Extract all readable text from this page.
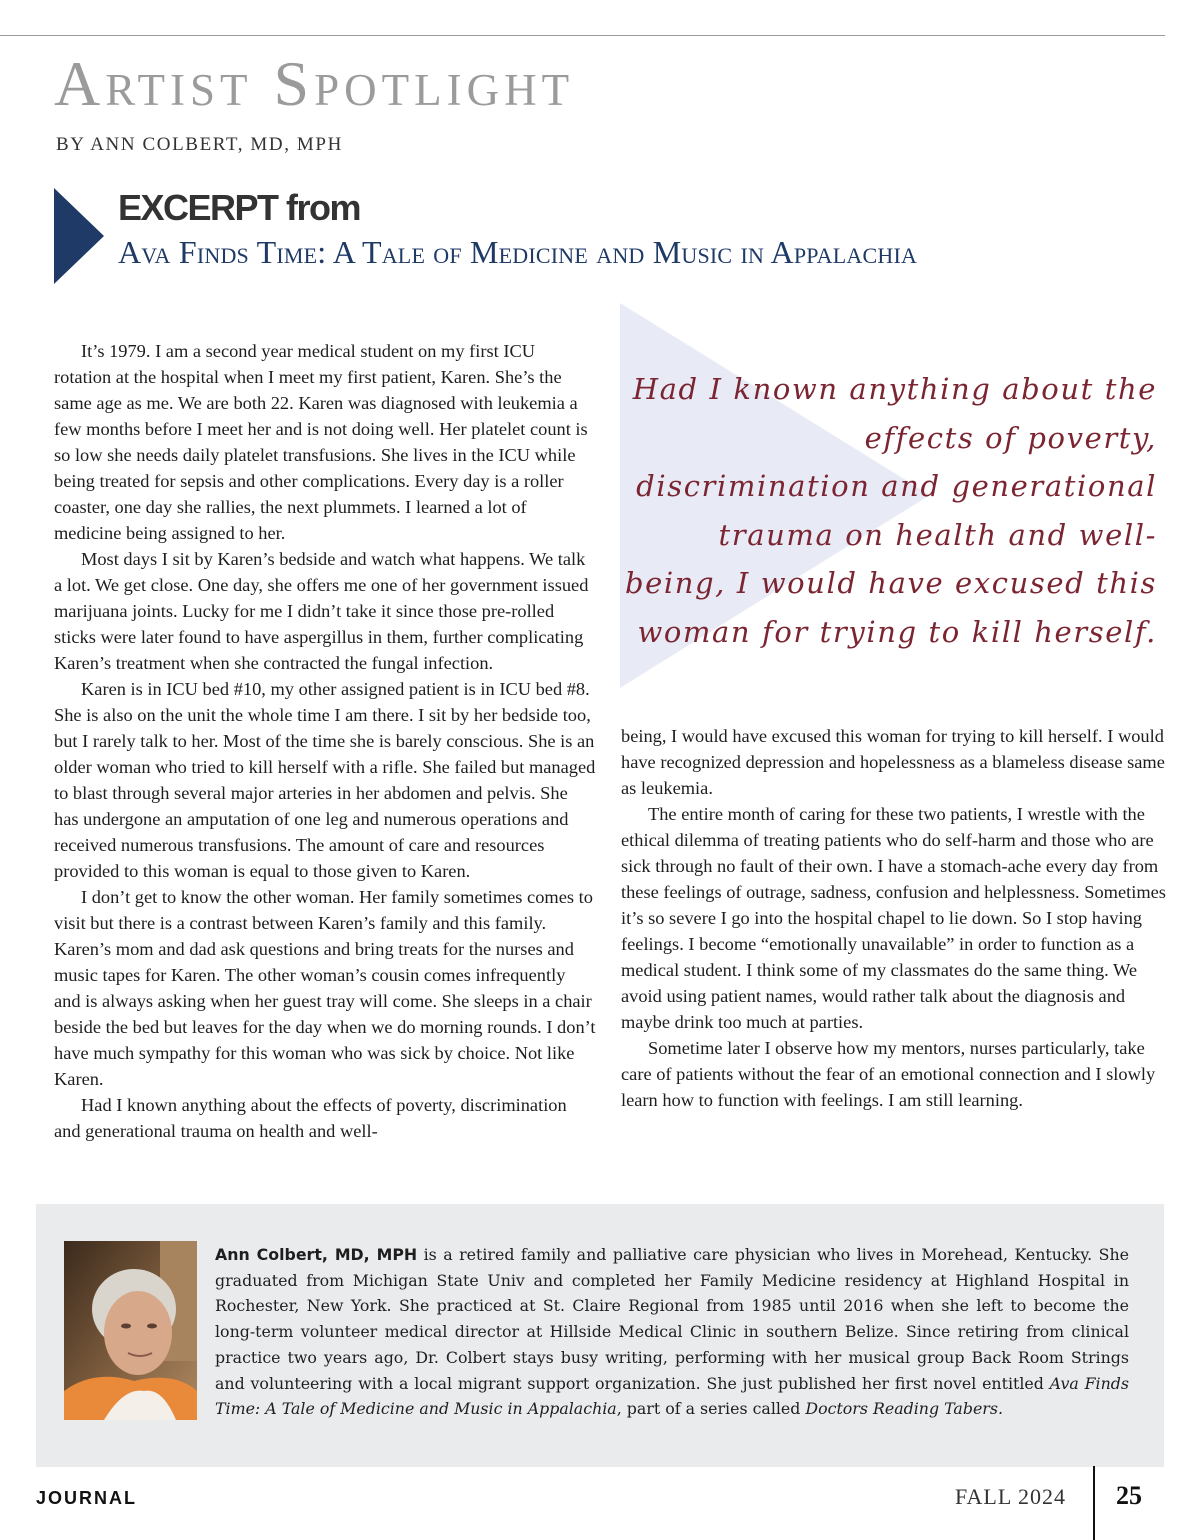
Artist Spotlight

BY ANN COLBERT, MD, MPH

EXCERPT from
Ava Finds Time: A Tale of Medicine and Music in Appalachia

It’s 1979. I am a second year medical student on my first ICU rotation at the hospital when I meet my first patient, Karen. She’s the same age as me. We are both 22. Karen was diagnosed with leukemia a few months before I meet her and is not doing well. Her platelet count is so low she needs daily platelet transfusions. She lives in the ICU while being treated for sepsis and other complications. Every day is a roller coaster, one day she rallies, the next plummets. I learned a lot of medicine being assigned to her.

Most days I sit by Karen’s bedside and watch what happens. We talk a lot. We get close. One day, she offers me one of her government issued marijuana joints. Lucky for me I didn’t take it since those pre-rolled sticks were later found to have aspergillus in them, further complicating Karen’s treatment when she contracted the fungal infection.

Karen is in ICU bed #10, my other assigned patient is in ICU bed #8. She is also on the unit the whole time I am there. I sit by her bedside too, but I rarely talk to her. Most of the time she is barely conscious. She is an older woman who tried to kill herself with a rifle. She failed but managed to blast through several major arteries in her abdomen and pelvis. She has undergone an amputation of one leg and numerous operations and received numerous transfusions. The amount of care and resources provided to this woman is equal to those given to Karen.

I don’t get to know the other woman. Her family sometimes comes to visit but there is a contrast between Karen’s family and this family. Karen’s mom and dad ask questions and bring treats for the nurses and music tapes for Karen. The other woman’s cousin comes infrequently and is always asking when her guest tray will come. She sleeps in a chair beside the bed but leaves for the day when we do morning rounds. I don’t have much sympathy for this woman who was sick by choice. Not like Karen.

Had I known anything about the effects of poverty, discrimination and generational trauma on health and well-

Had I known anything about the effects of poverty, discrimination and generational trauma on health and well-being, I would have excused this woman for trying to kill herself.

being, I would have excused this woman for trying to kill herself. I would have recognized depression and hopelessness as a blameless disease same as leukemia.

The entire month of caring for these two patients, I wrestle with the ethical dilemma of treating patients who do self-harm and those who are sick through no fault of their own. I have a stomach-ache every day from these feelings of outrage, sadness, confusion and helplessness. Sometimes it’s so severe I go into the hospital chapel to lie down. So I stop having feelings. I become “emotionally unavailable” in order to function as a medical student. I think some of my classmates do the same thing. We avoid using patient names, would rather talk about the diagnosis and maybe drink too much at parties.

Sometime later I observe how my mentors, nurses particularly, take care of patients without the fear of an emotional connection and I slowly learn how to function with feelings. I am still learning.

Ann Colbert, MD, MPH is a retired family and palliative care physician who lives in Morehead, Kentucky. She graduated from Michigan State Univ and completed her Family Medicine residency at Highland Hospital in Rochester, New York. She practiced at St. Claire Regional from 1985 until 2016 when she left to become the long-term volunteer medical director at Hillside Medical Clinic in southern Belize. Since retiring from clinical practice two years ago, Dr. Colbert stays busy writing, performing with her musical group Back Room Strings and volunteering with a local migrant support organization. She just published her first novel entitled Ava Finds Time: A Tale of Medicine and Music in Appalachia, part of a series called Doctors Reading Tabers.

JOURNAL	FALL 2024 25
